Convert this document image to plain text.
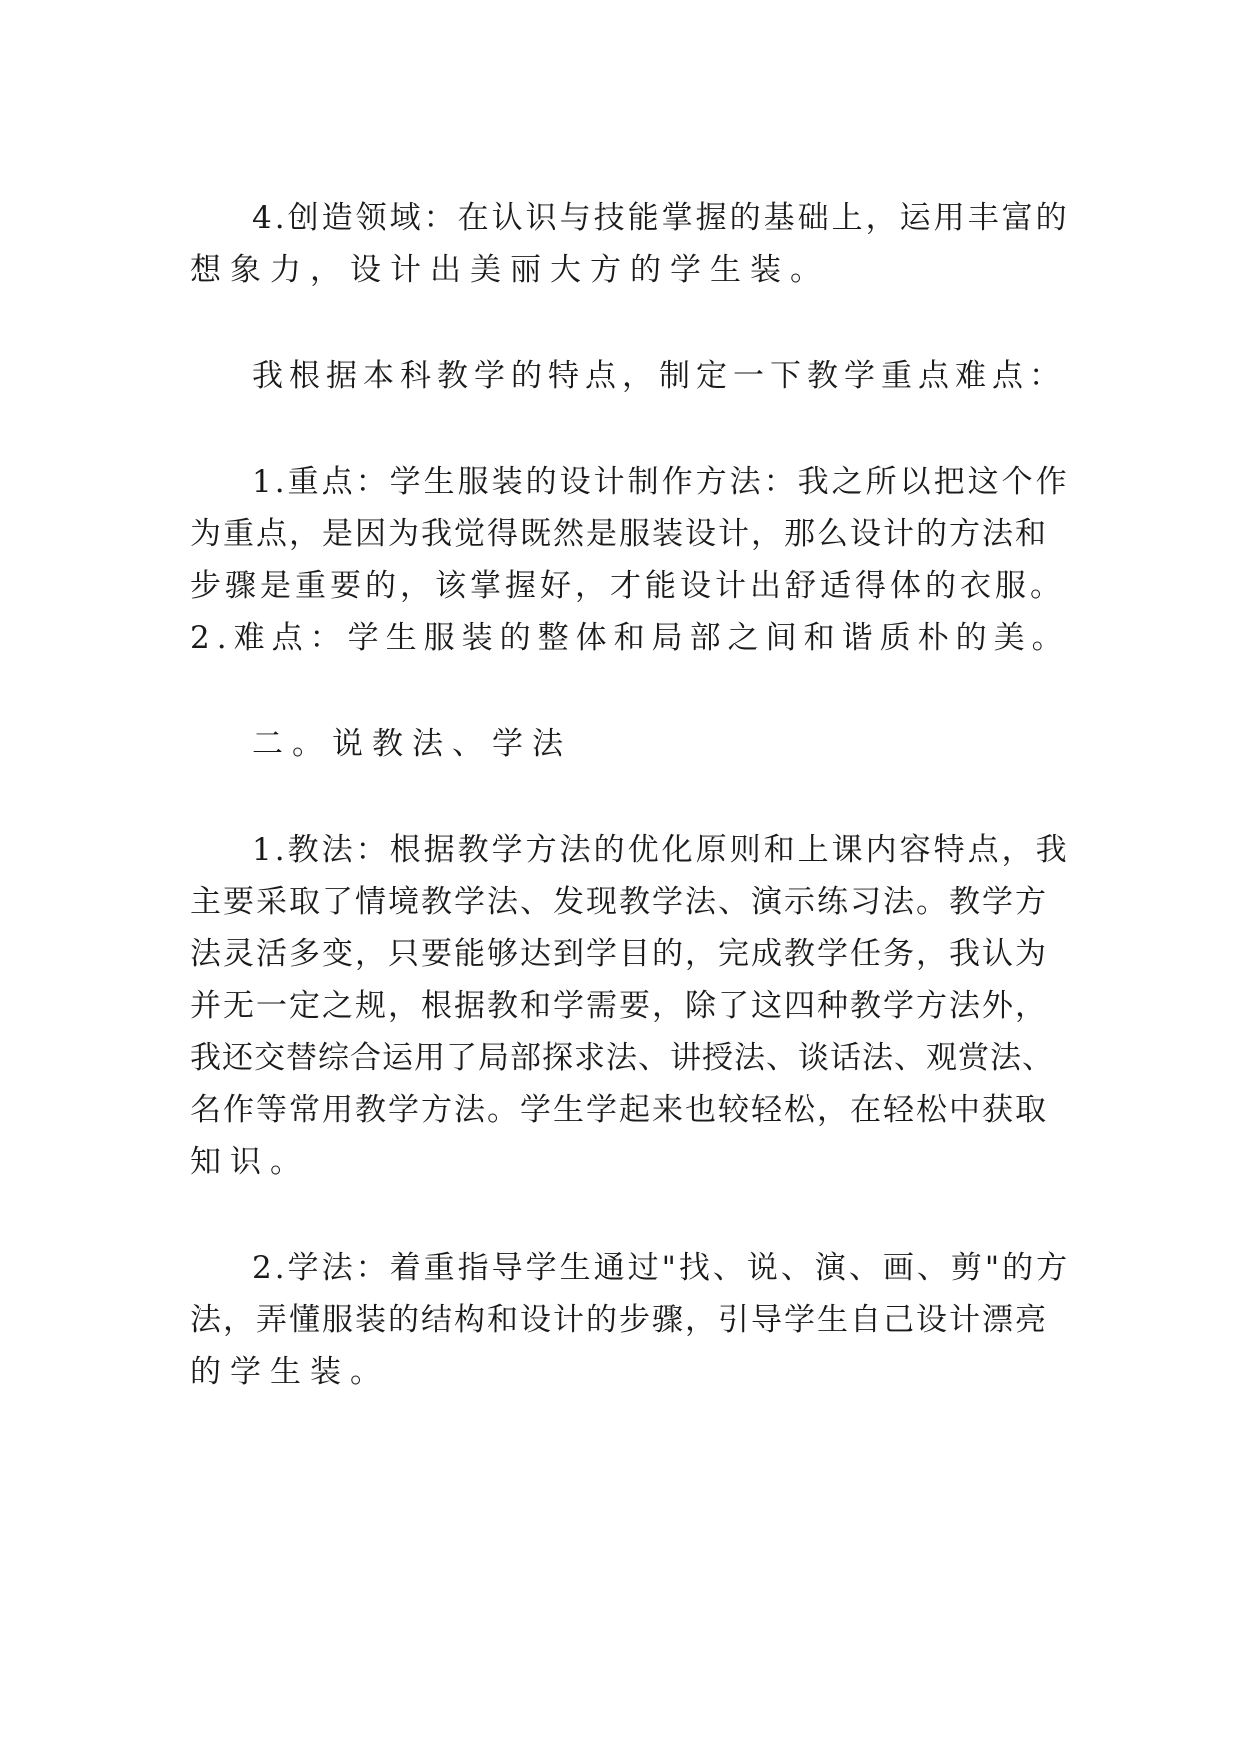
4.创造领域：在认识与技能掌握的基础上，运用丰富的
想象力，设计出美丽大方的学生装。
我根据本科教学的特点，制定一下教学重点难点：
1.重点：学生服装的设计制作方法：我之所以把这个作
为重点，是因为我觉得既然是服装设计，那么设计的方法和
步骤是重要的，该掌握好，才能设计出舒适得体的衣服。
2.难点：学生服装的整体和局部之间和谐质朴的美。
二。说教法、学法
1.教法：根据教学方法的优化原则和上课内容特点，我
主要采取了情境教学法、发现教学法、演示练习法。教学方
法灵活多变，只要能够达到学目的，完成教学任务，我认为
并无一定之规，根据教和学需要，除了这四种教学方法外，
我还交替综合运用了局部探求法、讲授法、谈话法、观赏法、
名作等常用教学方法。学生学起来也较轻松，在轻松中获取
知识。
2.学法：着重指导学生通过"找、说、演、画、剪"的方
法，弄懂服装的结构和设计的步骤，引导学生自己设计漂亮
的学生装。
